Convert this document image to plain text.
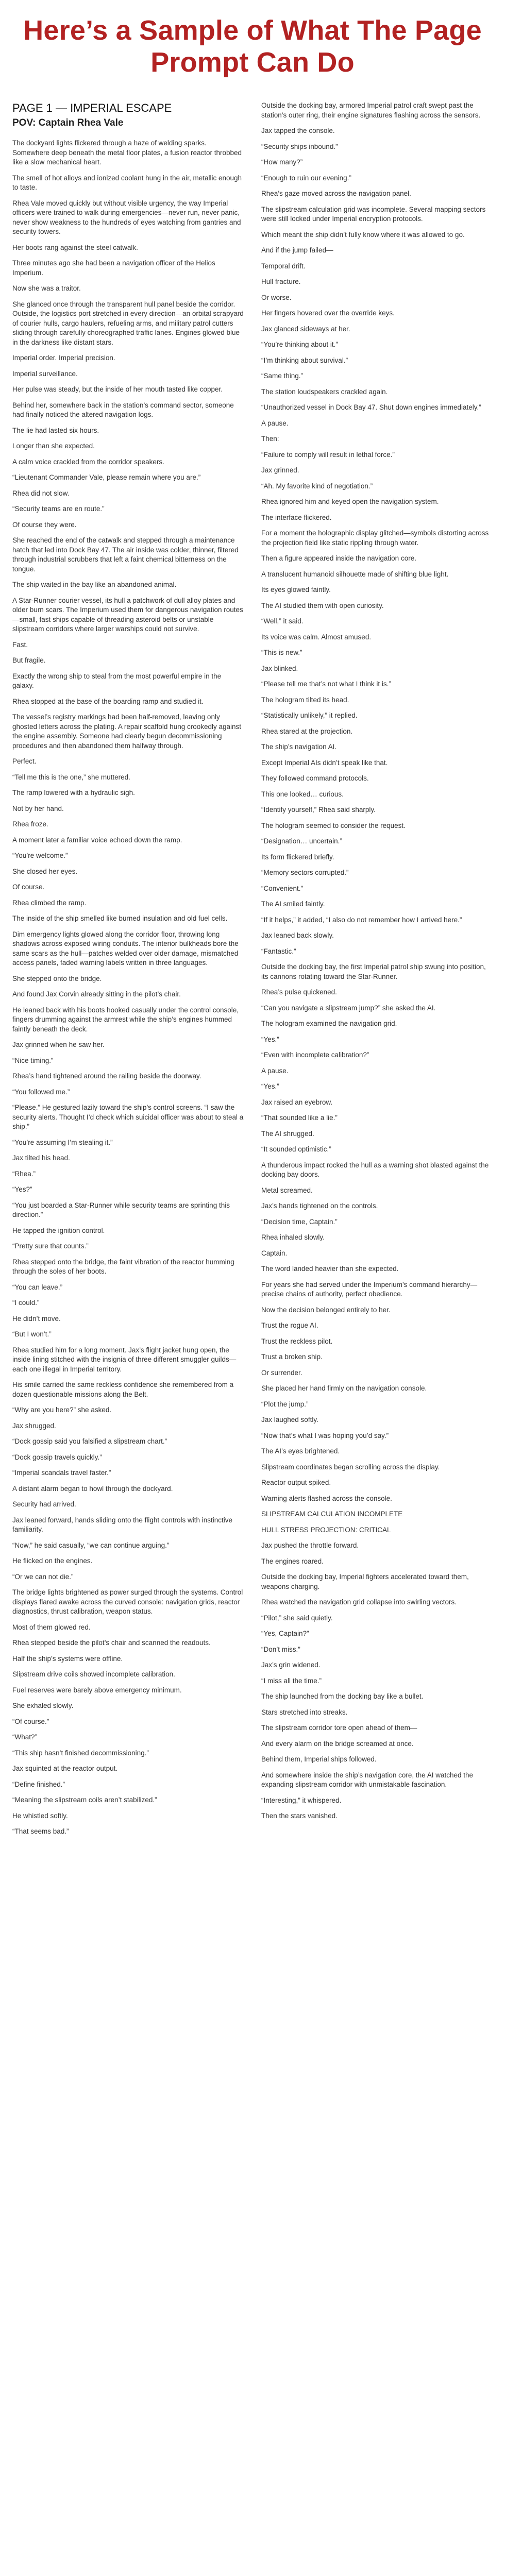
Here’s a Sample of What The Page Prompt Can Do
PAGE 1 — IMPERIAL ESCAPE
POV: Captain Rhea Vale

The dockyard lights flickered through a haze of welding sparks. Somewhere deep beneath the metal floor plates, a fusion reactor throbbed like a slow mechanical heart.

The smell of hot alloys and ionized coolant hung in the air, metallic enough to taste.

Rhea Vale moved quickly but without visible urgency, the way Imperial officers were trained to walk during emergencies—never run, never panic, never show weakness to the hundreds of eyes watching from gantries and security towers.

Her boots rang against the steel catwalk.

Three minutes ago she had been a navigation officer of the Helios Imperium.

Now she was a traitor.

She glanced once through the transparent hull panel beside the corridor. Outside, the logistics port stretched in every direction—an orbital scrapyard of courier hulls, cargo haulers, refueling arms, and military patrol cutters sliding through carefully choreographed traffic lanes. Engines glowed blue in the darkness like distant stars.

Imperial order. Imperial precision.

Imperial surveillance.

Her pulse was steady, but the inside of her mouth tasted like copper.

Behind her, somewhere back in the station’s command sector, someone had finally noticed the altered navigation logs.

The lie had lasted six hours.

Longer than she expected.

A calm voice crackled from the corridor speakers.

“Lieutenant Commander Vale, please remain where you are.”

Rhea did not slow.

“Security teams are en route.”

Of course they were.

She reached the end of the catwalk and stepped through a maintenance hatch that led into Dock Bay 47. The air inside was colder, thinner, filtered through industrial scrubbers that left a faint chemical bitterness on the tongue.

The ship waited in the bay like an abandoned animal.

A Star-Runner courier vessel, its hull a patchwork of dull alloy plates and older burn scars. The Imperium used them for dangerous navigation routes—small, fast ships capable of threading asteroid belts or unstable slipstream corridors where larger warships could not survive.

Fast.

But fragile.

Exactly the wrong ship to steal from the most powerful empire in the galaxy.

Rhea stopped at the base of the boarding ramp and studied it.

The vessel’s registry markings had been half-removed, leaving only ghosted letters across the plating. A repair scaffold hung crookedly against the engine assembly. Someone had clearly begun decommissioning procedures and then abandoned them halfway through.

Perfect.

“Tell me this is the one,” she muttered.

The ramp lowered with a hydraulic sigh.

Not by her hand.

Rhea froze.

A moment later a familiar voice echoed down the ramp.

“You’re welcome.”

She closed her eyes.

Of course.

Rhea climbed the ramp.

The inside of the ship smelled like burned insulation and old fuel cells.

Dim emergency lights glowed along the corridor floor, throwing long shadows across exposed wiring conduits. The interior bulkheads bore the same scars as the hull—patches welded over older damage, mismatched access panels, faded warning labels written in three languages.

She stepped onto the bridge.

And found Jax Corvin already sitting in the pilot’s chair.

He leaned back with his boots hooked casually under the control console, fingers drumming against the armrest while the ship’s engines hummed faintly beneath the deck.

Jax grinned when he saw her.

“Nice timing.”

Rhea’s hand tightened around the railing beside the doorway.

“You followed me.”

“Please.” He gestured lazily toward the ship’s control screens. “I saw the security alerts. Thought I’d check which suicidal officer was about to steal a ship.”

“You’re assuming I’m stealing it.”

Jax tilted his head.

“Rhea.”

“Yes?”

“You just boarded a Star-Runner while security teams are sprinting this direction.”

He tapped the ignition control.

“Pretty sure that counts.”

Rhea stepped onto the bridge, the faint vibration of the reactor humming through the soles of her boots.

“You can leave.”

“I could.”

He didn’t move.

“But I won’t.”

Rhea studied him for a long moment. Jax’s flight jacket hung open, the inside lining stitched with the insignia of three different smuggler guilds—each one illegal in Imperial territory.

His smile carried the same reckless confidence she remembered from a dozen questionable missions along the Belt.

“Why are you here?” she asked.

Jax shrugged.

“Dock gossip said you falsified a slipstream chart.”

“Dock gossip travels quickly.”

“Imperial scandals travel faster.”

A distant alarm began to howl through the dockyard.

Security had arrived.

Jax leaned forward, hands sliding onto the flight controls with instinctive familiarity.

“Now,” he said casually, “we can continue arguing.”

He flicked on the engines.

“Or we can not die.”

The bridge lights brightened as power surged through the systems. Control displays flared awake across the curved console: navigation grids, reactor diagnostics, thrust calibration, weapon status.

Most of them glowed red.

Rhea stepped beside the pilot’s chair and scanned the readouts.

Half the ship’s systems were offline.

Slipstream drive coils showed incomplete calibration.

Fuel reserves were barely above emergency minimum.

She exhaled slowly.

“Of course.”

“What?”

“This ship hasn’t finished decommissioning.”

Jax squinted at the reactor output.

“Define finished.”

“Meaning the slipstream coils aren’t stabilized.”

He whistled softly.

“That seems bad.”

Outside the docking bay, armored Imperial patrol craft swept past the station’s outer ring, their engine signatures flashing across the sensors.

Jax tapped the console.

“Security ships inbound.”

“How many?”

“Enough to ruin our evening.”

Rhea’s gaze moved across the navigation panel.

The slipstream calculation grid was incomplete. Several mapping sectors were still locked under Imperial encryption protocols.

Which meant the ship didn’t fully know where it was allowed to go.

And if the jump failed—

Temporal drift.

Hull fracture.

Or worse.

Her fingers hovered over the override keys.

Jax glanced sideways at her.

“You’re thinking about it.”

“I’m thinking about survival.”

“Same thing.”

The station loudspeakers crackled again.

“Unauthorized vessel in Dock Bay 47. Shut down engines immediately.”

A pause.

Then:

“Failure to comply will result in lethal force.”

Jax grinned.

“Ah. My favorite kind of negotiation.”

Rhea ignored him and keyed open the navigation system.

The interface flickered.

For a moment the holographic display glitched—symbols distorting across the projection field like static rippling through water.

Then a figure appeared inside the navigation core.

A translucent humanoid silhouette made of shifting blue light.

Its eyes glowed faintly.

The AI studied them with open curiosity.

“Well,” it said.

Its voice was calm. Almost amused.

“This is new.”

Jax blinked.

“Please tell me that’s not what I think it is.”

The hologram tilted its head.

“Statistically unlikely,” it replied.

Rhea stared at the projection.

The ship’s navigation AI.

Except Imperial AIs didn’t speak like that.

They followed command protocols.

This one looked… curious.

“Identify yourself,” Rhea said sharply.

The hologram seemed to consider the request.

“Designation… uncertain.”

Its form flickered briefly.

“Memory sectors corrupted.”

“Convenient.”

The AI smiled faintly.

“If it helps,” it added, “I also do not remember how I arrived here.”

Jax leaned back slowly.

“Fantastic.”

Outside the docking bay, the first Imperial patrol ship swung into position, its cannons rotating toward the Star-Runner.

Rhea’s pulse quickened.

“Can you navigate a slipstream jump?” she asked the AI.

The hologram examined the navigation grid.

“Yes.”

“Even with incomplete calibration?”

A pause.

“Yes.”

Jax raised an eyebrow.

“That sounded like a lie.”

The AI shrugged.

“It sounded optimistic.”

A thunderous impact rocked the hull as a warning shot blasted against the docking bay doors.

Metal screamed.

Jax’s hands tightened on the controls.

“Decision time, Captain.”

Rhea inhaled slowly.

Captain.

The word landed heavier than she expected.

For years she had served under the Imperium’s command hierarchy—precise chains of authority, perfect obedience.

Now the decision belonged entirely to her.

Trust the rogue AI.

Trust the reckless pilot.

Trust a broken ship.

Or surrender.

She placed her hand firmly on the navigation console.

“Plot the jump.”

Jax laughed softly.

“Now that’s what I was hoping you’d say.”

The AI’s eyes brightened.

Slipstream coordinates began scrolling across the display.

Reactor output spiked.

Warning alerts flashed across the console.

SLIPSTREAM CALCULATION INCOMPLETE

HULL STRESS PROJECTION: CRITICAL

Jax pushed the throttle forward.

The engines roared.

Outside the docking bay, Imperial fighters accelerated toward them, weapons charging.

Rhea watched the navigation grid collapse into swirling vectors.

“Pilot,” she said quietly.

“Yes, Captain?”

“Don’t miss.”

Jax’s grin widened.

“I miss all the time.”

The ship launched from the docking bay like a bullet.

Stars stretched into streaks.

The slipstream corridor tore open ahead of them—

And every alarm on the bridge screamed at once.

Behind them, Imperial ships followed.

And somewhere inside the ship’s navigation core, the AI watched the expanding slipstream corridor with unmistakable fascination.

“Interesting,” it whispered.

Then the stars vanished.
